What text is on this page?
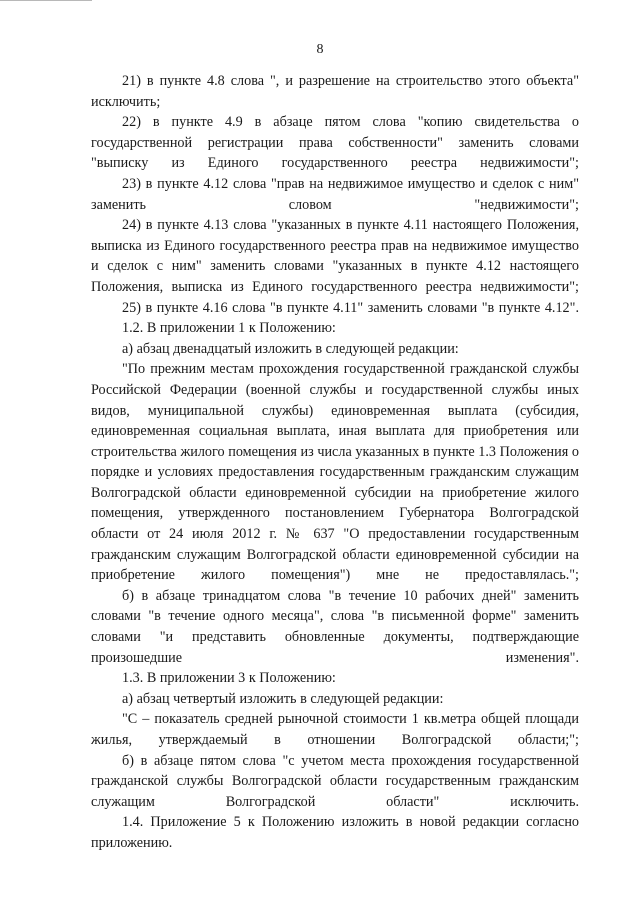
8

21) в пункте 4.8 слова ", и разрешение на строительство этого объекта" исключить;

22) в пункте 4.9 в абзаце пятом слова "копию свидетельства о государственной регистрации права собственности" заменить словами "выписку из Единого государственного реестра недвижимости";

23) в пункте 4.12 слова "прав на недвижимое имущество и сделок с ним" заменить словом "недвижимости";

24) в пункте 4.13 слова "указанных в пункте 4.11 настоящего Положения, выписка из Единого государственного реестра прав на недвижимое имущество и сделок с ним" заменить словами "указанных в пункте 4.12 настоящего Положения, выписка из Единого государственного реестра недвижимости";

25) в пункте 4.16 слова "в пункте 4.11" заменить словами "в пункте 4.12".

1.2. В приложении 1 к Положению:

а) абзац двенадцатый изложить в следующей редакции:

"По прежним местам прохождения государственной гражданской службы Российской Федерации (военной службы и государственной службы иных видов, муниципальной службы) единовременная выплата (субсидия, единовременная социальная выплата, иная выплата для приобретения или строительства жилого помещения из числа указанных в пункте 1.3 Положения о порядке и условиях предоставления государственным гражданским служащим Волгоградской области единовременной субсидии на приобретение жилого помещения, утвержденного постановлением Губернатора Волгоградской области от 24 июля 2012 г. № 637 "О предоставлении государственным гражданским служащим Волгоградской области единовременной субсидии на приобретение жилого помещения") мне не предоставлялась.";

б) в абзаце тринадцатом слова "в течение 10 рабочих дней" заменить словами "в течение одного месяца", слова "в письменной форме" заменить словами "и представить обновленные документы, подтверждающие произошедшие изменения".

1.3. В приложении 3 к Положению:

а) абзац четвертый изложить в следующей редакции:

"С – показатель средней рыночной стоимости 1 кв.метра общей площади жилья, утверждаемый в отношении Волгоградской области;";

б) в абзаце пятом слова "с учетом места прохождения государственной гражданской службы Волгоградской области государственным гражданским служащим Волгоградской области" исключить.

1.4. Приложение 5 к Положению изложить в новой редакции согласно приложению.
